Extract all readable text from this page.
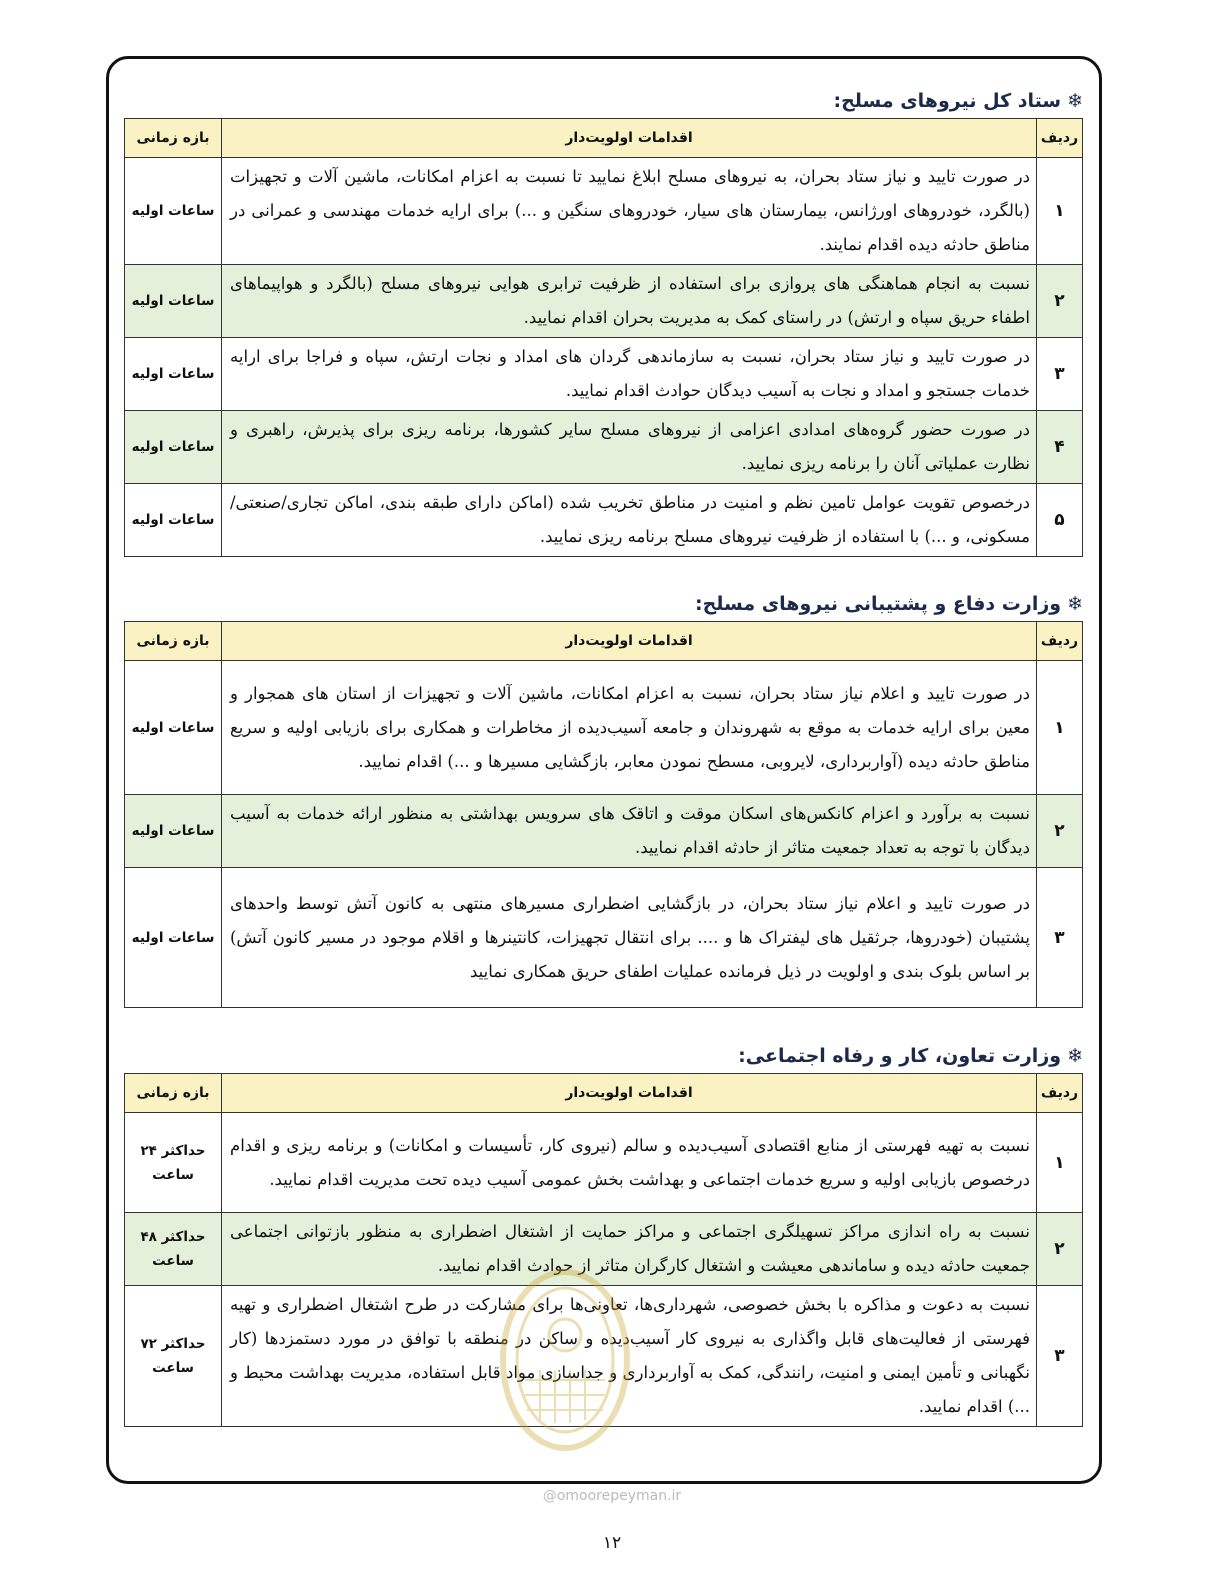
❄ستاد کل نیروهای مسلح:
ردیف	اقدامات اولویت‌دار	بازه زمانی
۱	در صورت تایید و نیاز ستاد بحران، به نیروهای مسلح ابلاغ نمایید تا نسبت به اعزام امکانات، ماشین آلات و تجهیزات (بالگرد، خودروهای اورژانس، بیمارستان های سیار، خودروهای سنگین و ...) برای ارایه خدمات مهندسی و عمرانی در مناطق حادثه دیده اقدام نمایند.	ساعات اولیه
۲	نسبت به انجام هماهنگی های پروازی برای استفاده از ظرفیت ترابری هوایی نیروهای مسلح (بالگرد و هواپیماهای اطفاء حریق سپاه و ارتش) در راستای کمک به مدیریت بحران اقدام نمایید.	ساعات اولیه
۳	در صورت تایید و نیاز ستاد بحران، نسبت به سازماندهی گردان های امداد و نجات ارتش، سپاه و فراجا برای ارایه خدمات جستجو و امداد و نجات به آسیب دیدگان حوادث اقدام نمایید.	ساعات اولیه
۴	در صورت حضور گروه‌های امدادی اعزامی از نیروهای مسلح سایر کشورها، برنامه ریزی برای پذیرش، راهبری و نظارت عملیاتی آنان را برنامه ریزی نمایید.	ساعات اولیه
۵	درخصوص تقویت عوامل تامین نظم و امنیت در مناطق تخریب شده (اماکن دارای طبقه بندی، اماکن تجاری/صنعتی/مسکونی، و ...) با استفاده از ظرفیت نیروهای مسلح برنامه ریزی نمایید.	ساعات اولیه
❄وزارت دفاع و پشتیبانی نیروهای مسلح:
ردیف	اقدامات اولویت‌دار	بازه زمانی
۱	در صورت تایید و اعلام نیاز ستاد بحران، نسبت به اعزام امکانات، ماشین آلات و تجهیزات از استان های همجوار و معین برای ارایه خدمات به موقع به شهروندان و جامعه آسیب‌دیده از مخاطرات و همکاری برای بازیابی اولیه و سریع مناطق حادثه دیده (آواربرداری، لایروبی، مسطح نمودن معابر، بازگشایی مسیرها و ...) اقدام نمایید.	ساعات اولیه
۲	نسبت به برآورد و اعزام کانکس‌های اسکان موقت و اتاقک های سرویس بهداشتی به منظور ارائه خدمات به آسیب دیدگان با توجه به تعداد جمعیت متاثر از حادثه اقدام نمایید.	ساعات اولیه
۳	در صورت تایید و اعلام نیاز ستاد بحران، در بازگشایی اضطراری مسیرهای منتهی به کانون آتش توسط واحدهای پشتیبان (خودروها، جرثقیل های لیفتراک ها و .... برای انتقال تجهیزات، کانتینرها و اقلام موجود در مسیر کانون آتش) بر اساس بلوک بندی و اولویت در ذیل فرمانده عملیات اطفای حریق همکاری نمایید	ساعات اولیه
❄وزارت تعاون، کار و رفاه اجتماعی:
ردیف	اقدامات اولویت‌دار	بازه زمانی
۱	نسبت به تهیه فهرستی از منابع اقتصادی آسیب‌دیده و سالم (نیروی کار، تأسیسات و امکانات) و برنامه ریزی و اقدام درخصوص بازیابی اولیه و سریع خدمات اجتماعی و بهداشت بخش عمومی آسیب دیده تحت مدیریت اقدام نمایید.	حداکثر ۲۴ ساعت
۲	نسبت به راه اندازی مراکز تسهیلگری اجتماعی و مراکز حمایت از اشتغال اضطراری به منظور بازتوانی اجتماعی جمعیت حادثه دیده و ساماندهی معیشت و اشتغال کارگران متاثر از حوادث اقدام نمایید.	حداکثر ۴۸ ساعت
۳	نسبت به دعوت و مذاکره با بخش خصوصی، شهرداری‌ها، تعاونی‌ها برای مشارکت در طرح اشتغال اضطراری و تهیه فهرستی از فعالیت‌های قابل واگذاری به نیروی کار آسیب‌دیده و ساکن در منطقه با توافق در مورد دستمزدها (کار نگهبانی و تأمین ایمنی و امنیت، رانندگی، کمک به آواربرداری و جداسازی مواد قابل استفاده، مدیریت بهداشت محیط و ...) اقدام نمایید.	حداکثر ۷۲ ساعت
@omoorepeyman.ir
۱۲
